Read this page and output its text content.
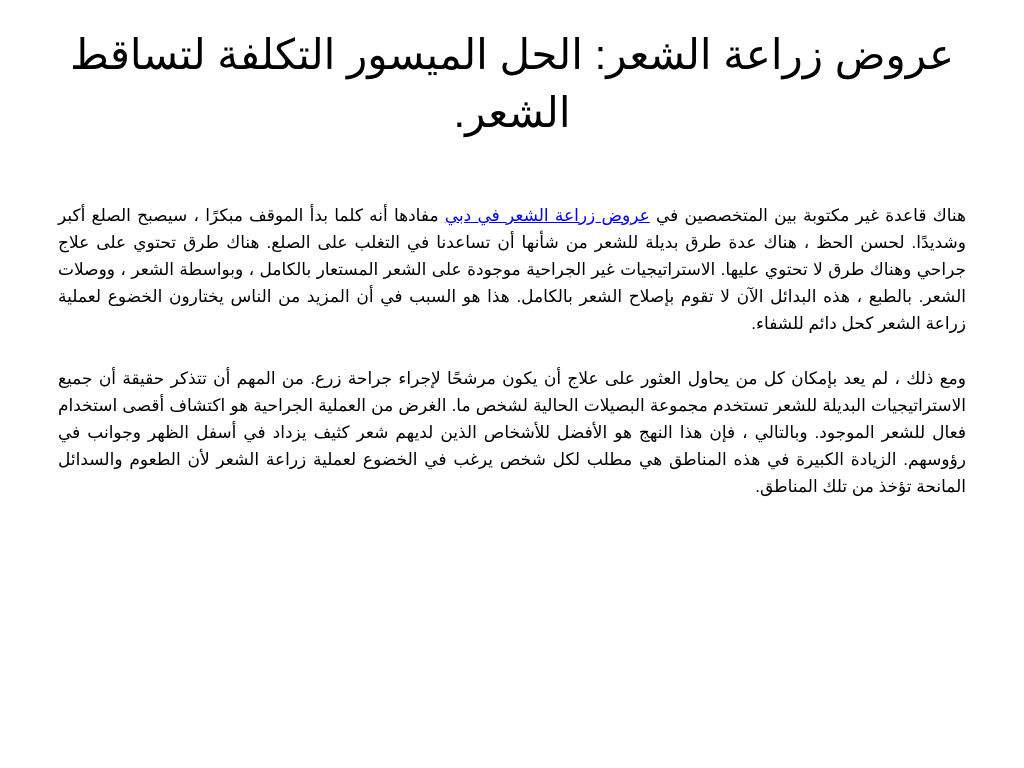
عروض زراعة الشعر: الحل الميسور التكلفة لتساقط الشعر.

هناك قاعدة غير مكتوبة بين المتخصصين في عروض زراعة الشعر في دبي مفادها أنه كلما بدأ الموقف مبكرًا ، سيصبح الصلع أكبر وشديدًا. لحسن الحظ ، هناك عدة طرق بديلة للشعر من شأنها أن تساعدنا في التغلب على الصلع. هناك طرق تحتوي على علاج جراحي وهناك طرق لا تحتوي عليها. الاستراتيجيات غير الجراحية موجودة على الشعر المستعار بالكامل ، وبواسطة الشعر ، ووصلات الشعر. بالطبع ، هذه البدائل الآن لا تقوم بإصلاح الشعر بالكامل. هذا هو السبب في أن المزيد من الناس يختارون الخضوع لعملية زراعة الشعر كحل دائم للشفاء.

ومع ذلك ، لم يعد بإمكان كل من يحاول العثور على علاج أن يكون مرشحًا لإجراء جراحة زرع. من المهم أن تتذكر حقيقة أن جميع الاستراتيجيات البديلة للشعر تستخدم مجموعة البصيلات الحالية لشخص ما. الغرض من العملية الجراحية هو اكتشاف أقصى استخدام فعال للشعر الموجود. وبالتالي ، فإن هذا النهج هو الأفضل للأشخاص الذين لديهم شعر كثيف يزداد في أسفل الظهر وجوانب في رؤوسهم. الزيادة الكبيرة في هذه المناطق هي مطلب لكل شخص يرغب في الخضوع لعملية زراعة الشعر لأن الطعوم والسدائل المانحة تؤخذ من تلك المناطق.
